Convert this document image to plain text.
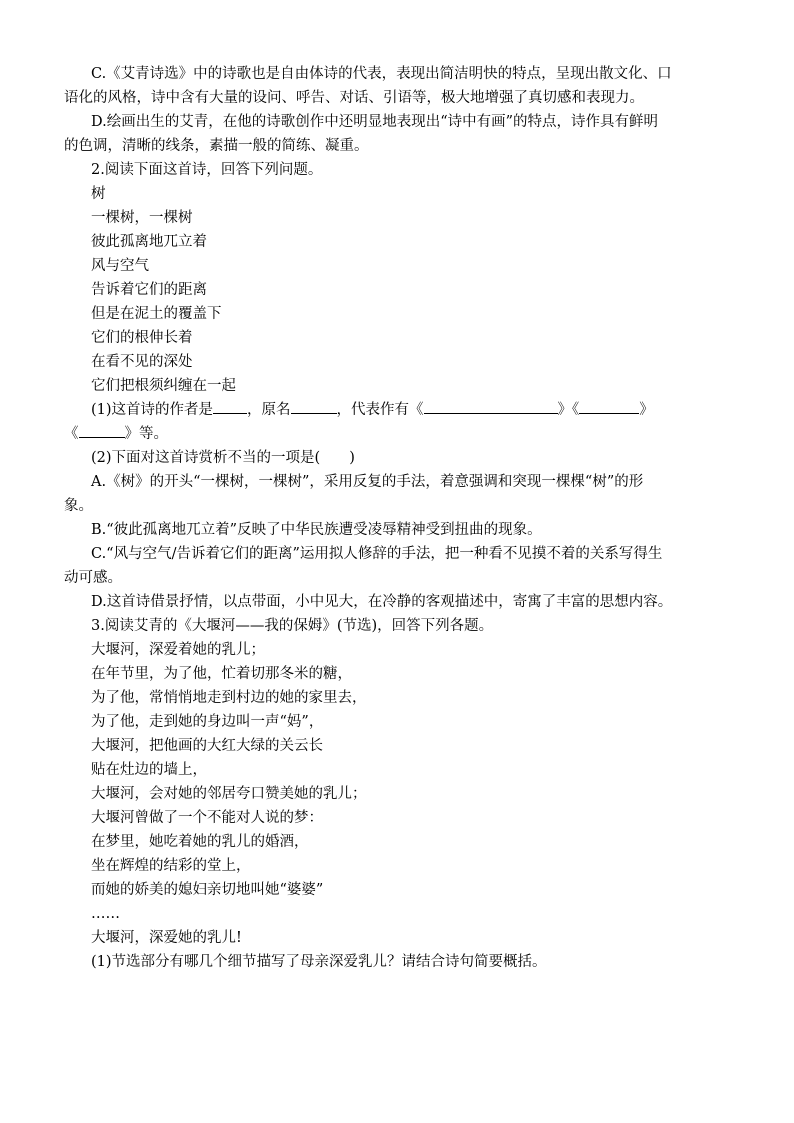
C.《艾青诗选》中的诗歌也是自由体诗的代表，表现出简洁明快的特点，呈现出散文化、口
语化的风格，诗中含有大量的设问、呼告、对话、引语等，极大地增强了真切感和表现力。
D.绘画出生的艾青，在他的诗歌创作中还明显地表现出“诗中有画”的特点，诗作具有鲜明
的色调，清晰的线条，素描一般的简练、凝重。
2.阅读下面这首诗，回答下列问题。
树
一棵树，一棵树
彼此孤离地兀立着
风与空气
告诉着它们的距离
但是在泥土的覆盖下
它们的根伸长着
在看不见的深处
它们把根须纠缠在一起
(1)这首诗的作者是 ，原名	，代表作有《	》《	》
《	》等。
(2)下面对这首诗赏析不当的一项是(　　)
A.《树》的开头“一棵树，一棵树”，采用反复的手法，着意强调和突现一棵棵“树”的形
象。
B.“彼此孤离地兀立着”反映了中华民族遭受凌辱精神受到扭曲的现象。
C.“风与空气/告诉着它们的距离”运用拟人修辞的手法，把一种看不见摸不着的关系写得生
动可感。
D.这首诗借景抒情，以点带面，小中见大，在冷静的客观描述中，寄寓了丰富的思想内容。
3.阅读艾青的《大堰河——我的保姆》(节选)，回答下列各题。
大堰河，深爱着她的乳儿；
在年节里，为了他，忙着切那冬米的糖，
为了他，常悄悄地走到村边的她的家里去，
为了他，走到她的身边叫一声“妈”，
大堰河，把他画的大红大绿的关云长
贴在灶边的墙上，
大堰河，会对她的邻居夸口赞美她的乳儿；
大堰河曾做了一个不能对人说的梦：
在梦里，她吃着她的乳儿的婚酒，
坐在辉煌的结彩的堂上，
而她的娇美的媳妇亲切地叫她“婆婆”
……
大堰河，深爱她的乳儿!
(1)节选部分有哪几个细节描写了母亲深爱乳儿？请结合诗句简要概括。
